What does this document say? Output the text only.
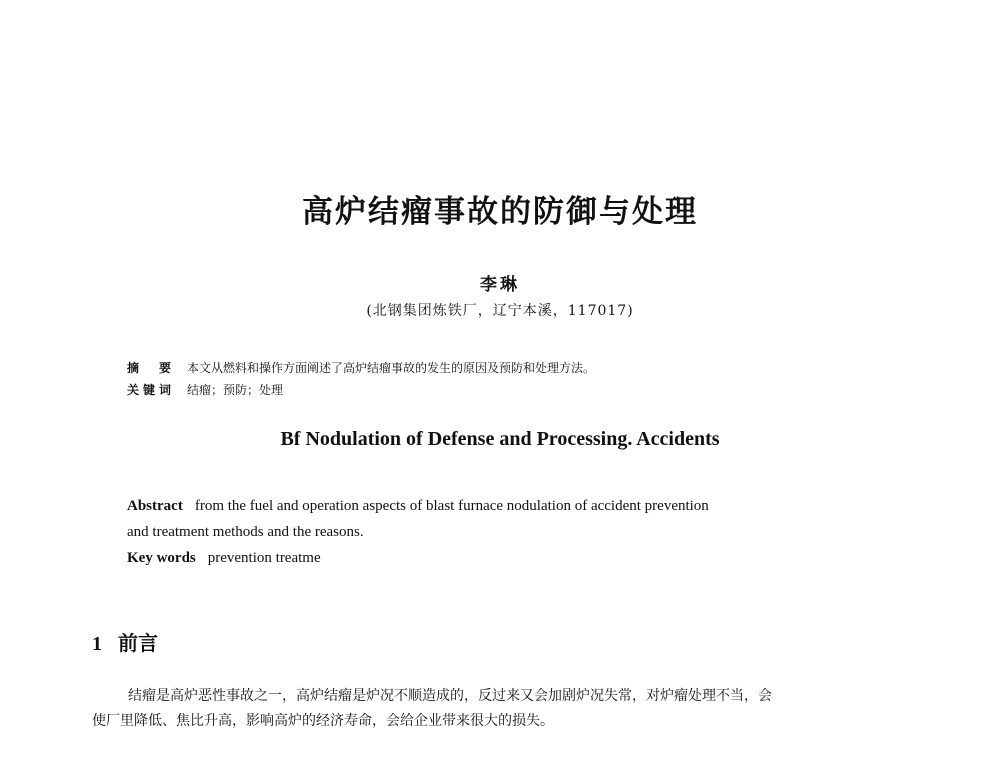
高炉结瘤事故的防御与处理
李琳
(北钢集团炼铁厂，辽宁本溪，117017)
摘　要 本文从燃料和操作方面阐述了高炉结瘤事故的发生的原因及预防和处理方法。
关键词 结瘤；预防；处理
Bf Nodulation of Defense and Processing. Accidents
Abstract from the fuel and operation aspects of blast furnace nodulation of accident prevention
and treatment methods and the reasons.
Key words prevention treatme
1 前言
结瘤是高炉恶性事故之一，高炉结瘤是炉况不顺造成的，反过来又会加剧炉况失常，对炉瘤处理不当，会
使厂里降低、焦比升高，影响高炉的经济寿命，会给企业带来很大的损失。
